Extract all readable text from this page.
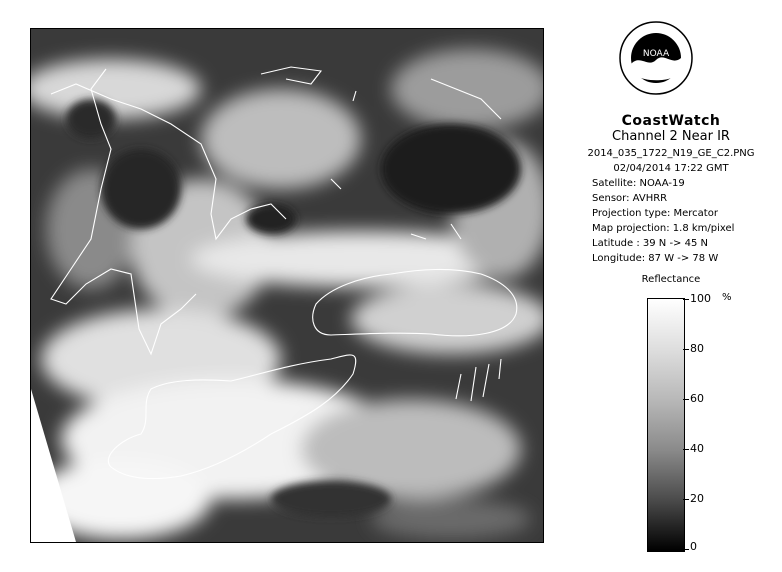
NOAA
CoastWatch
Channel 2 Near IR
2014_035_1722_N19_GE_C2.PNG
02/04/2014 17:22 GMT
Satellite: NOAA-19
Sensor: AVHRR
Projection type: Mercator
Map projection: 1.8 km/pixel
Latitude : 39 N -> 45 N
Longitude: 87 W -> 78 W
Reflectance
%
100
80
60
40
20
0
